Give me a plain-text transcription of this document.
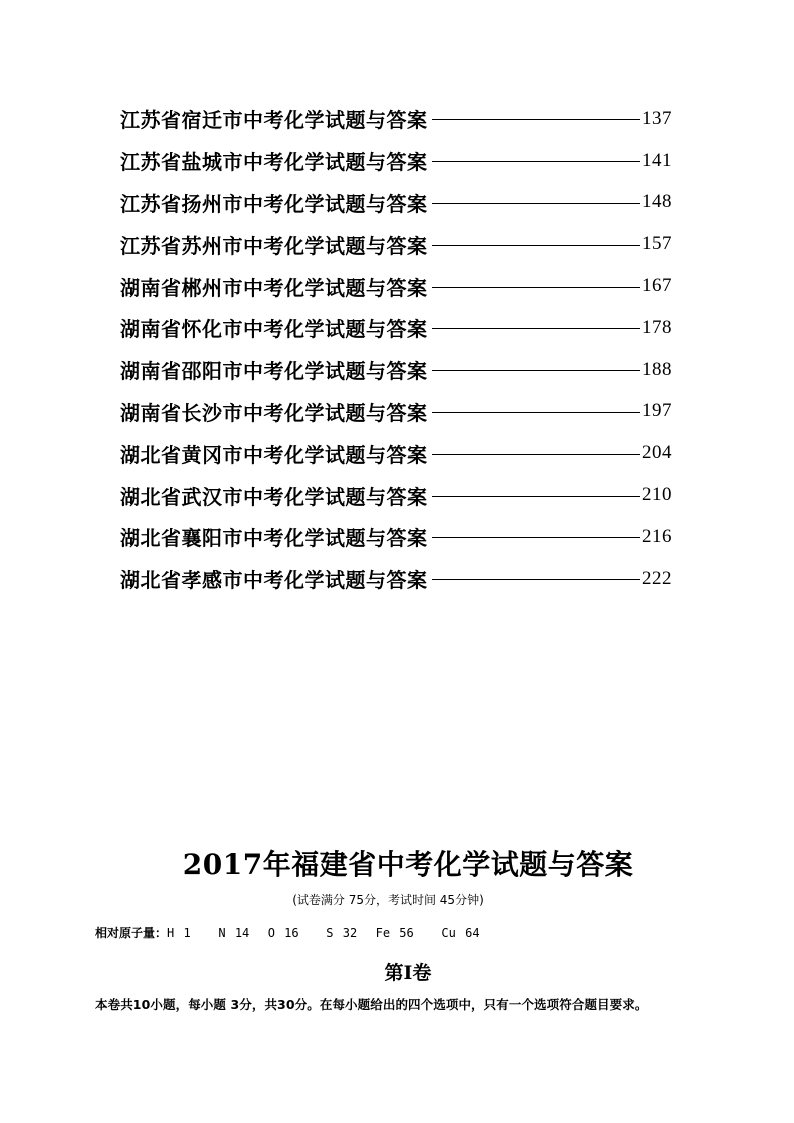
江苏省宿迁市中考化学试题与答案	137
江苏省盐城市中考化学试题与答案	141
江苏省扬州市中考化学试题与答案	148
江苏省苏州市中考化学试题与答案	157
湖南省郴州市中考化学试题与答案	167
湖南省怀化市中考化学试题与答案	178
湖南省邵阳市中考化学试题与答案	188
湖南省长沙市中考化学试题与答案	197
湖北省黄冈市中考化学试题与答案	204
湖北省武汉市中考化学试题与答案	210
湖北省襄阳市中考化学试题与答案	216
湖北省孝感市中考化学试题与答案	222
2017年福建省中考化学试题与答案
(试卷满分 75分，考试时间 45分钟)
相对原子量：H 1   N 14  O 16   S 32  Fe 56   Cu 64
第Ⅰ卷
本卷共10小题，每小题 3分，共30分。在每小题给出的四个选项中，只有一个选项符合题目要求。
